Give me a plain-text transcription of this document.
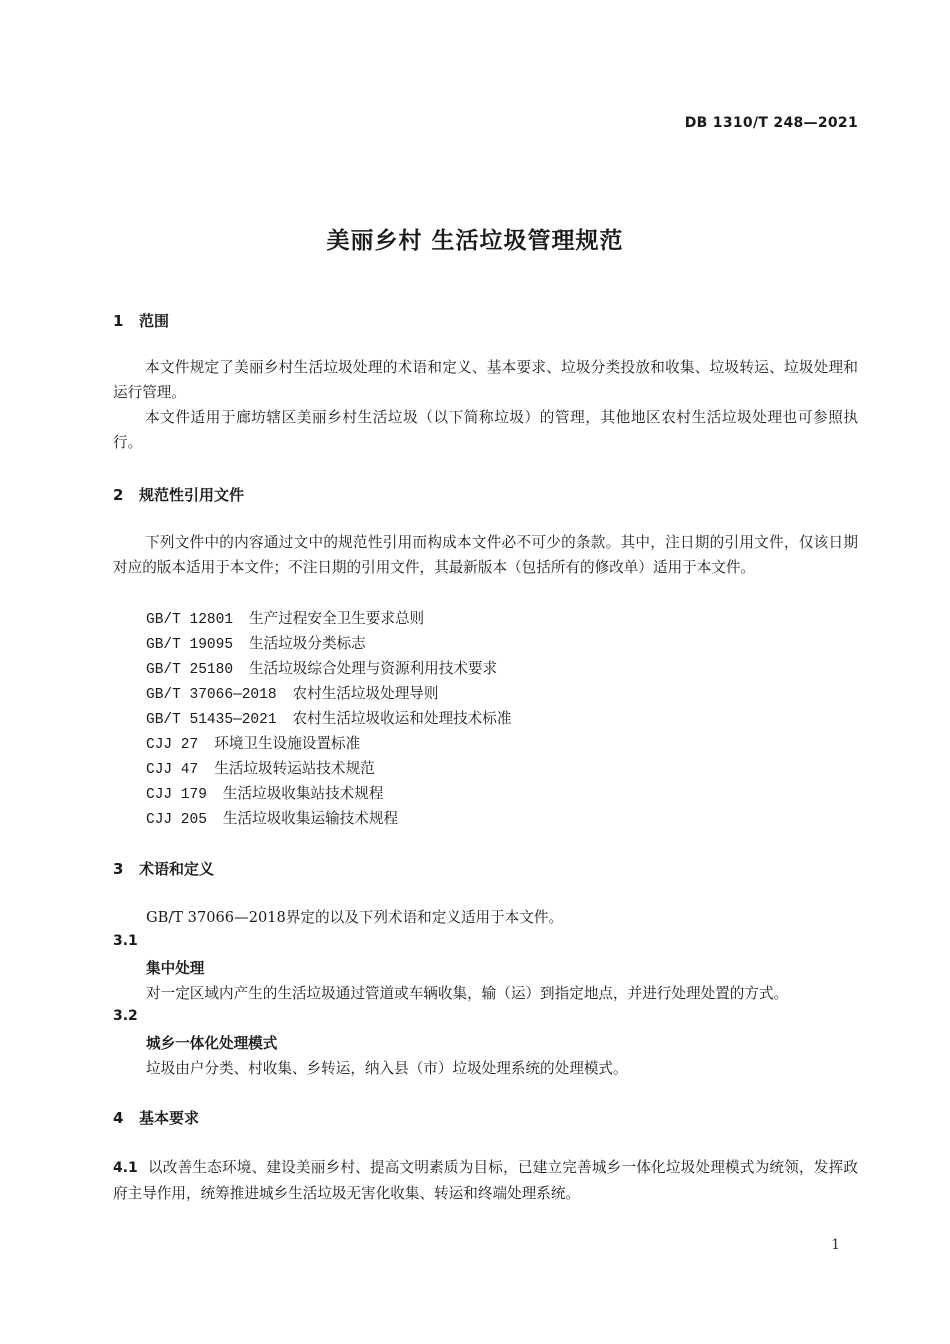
DB 1310/T 248—2021
美丽乡村 生活垃圾管理规范
1 范围
本文件规定了美丽乡村生活垃圾处理的术语和定义、基本要求、垃圾分类投放和收集、垃圾转运、垃圾处理和运行管理。
本文件适用于廊坊辖区美丽乡村生活垃圾（以下简称垃圾）的管理，其他地区农村生活垃圾处理也可参照执行。
2 规范性引用文件
下列文件中的内容通过文中的规范性引用而构成本文件必不可少的条款。其中，注日期的引用文件，仅该日期对应的版本适用于本文件；不注日期的引用文件，其最新版本（包括所有的修改单）适用于本文件。
GB/T 12801 生产过程安全卫生要求总则
GB/T 19095 生活垃圾分类标志
GB/T 25180 生活垃圾综合处理与资源利用技术要求
GB/T 37066—2018 农村生活垃圾处理导则
GB/T 51435—2021 农村生活垃圾收运和处理技术标准
CJJ 27 环境卫生设施设置标准
CJJ 47 生活垃圾转运站技术规范
CJJ 179 生活垃圾收集站技术规程
CJJ 205 生活垃圾收集运输技术规程
3 术语和定义
GB/T 37066—2018界定的以及下列术语和定义适用于本文件。
3.1
集中处理
对一定区域内产生的生活垃圾通过管道或车辆收集，输（运）到指定地点，并进行处理处置的方式。
3.2
城乡一体化处理模式
垃圾由户分类、村收集、乡转运，纳入县（市）垃圾处理系统的处理模式。
4 基本要求
4.1 以改善生态环境、建设美丽乡村、提高文明素质为目标，已建立完善城乡一体化垃圾处理模式为统领，发挥政府主导作用，统筹推进城乡生活垃圾无害化收集、转运和终端处理系统。
1
